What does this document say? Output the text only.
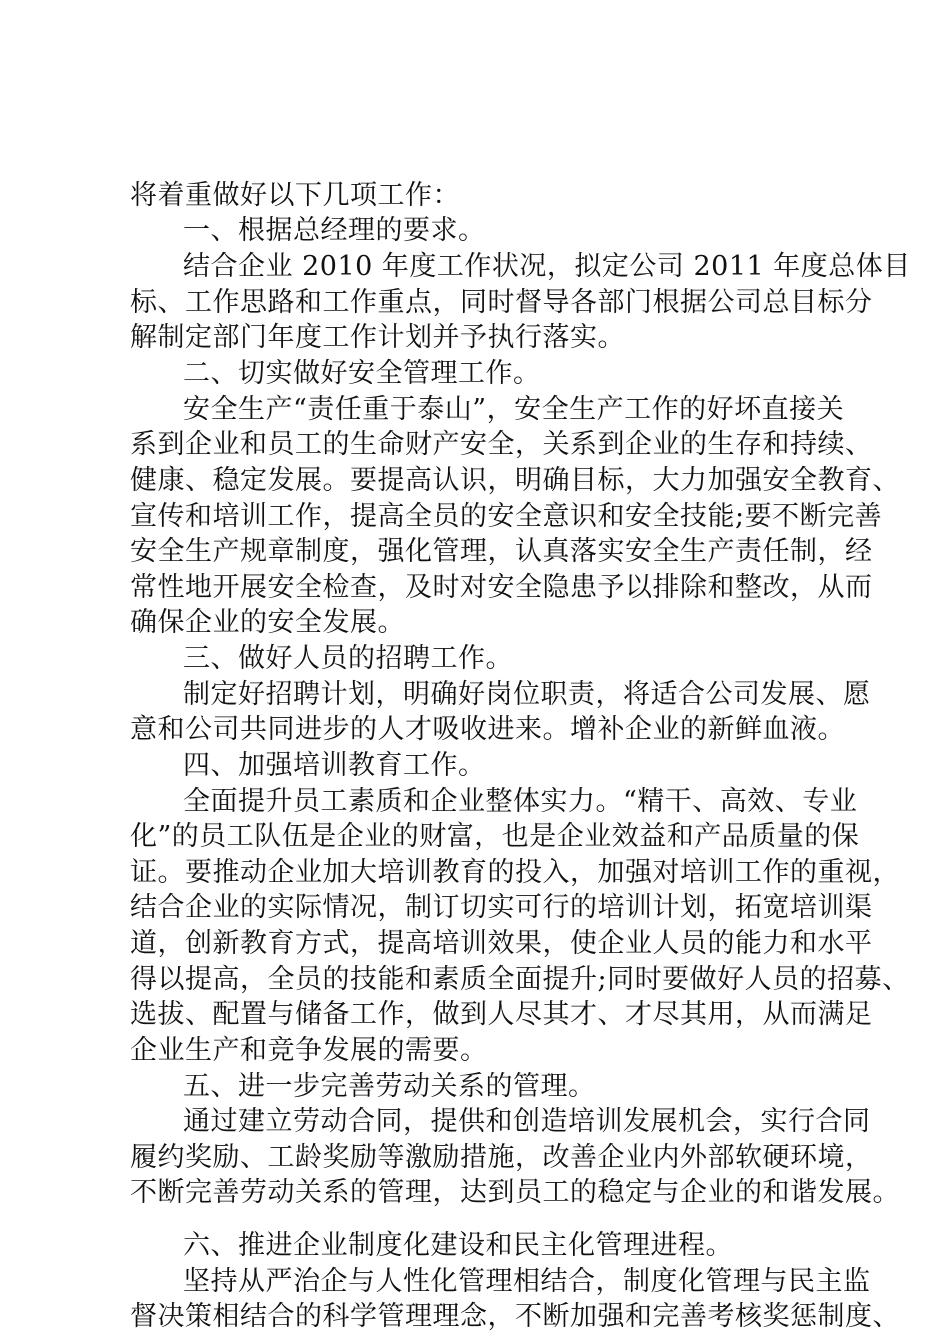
将着重做好以下几项工作：
一、根据总经理的要求。
结合企业 2010 年度工作状况，拟定公司 2011 年度总体目
标、工作思路和工作重点，同时督导各部门根据公司总目标分
解制定部门年度工作计划并予执行落实。
二、切实做好安全管理工作。
安全生产“责任重于泰山”，安全生产工作的好坏直接关
系到企业和员工的生命财产安全，关系到企业的生存和持续、
健康、稳定发展。要提高认识，明确目标，大力加强安全教育、
宣传和培训工作，提高全员的安全意识和安全技能;要不断完善
安全生产规章制度，强化管理，认真落实安全生产责任制，经
常性地开展安全检查，及时对安全隐患予以排除和整改，从而
确保企业的安全发展。
三、做好人员的招聘工作。
制定好招聘计划，明确好岗位职责，将适合公司发展、愿
意和公司共同进步的人才吸收进来。增补企业的新鲜血液。
四、加强培训教育工作。
全面提升员工素质和企业整体实力。“精干、高效、专业
化”的员工队伍是企业的财富，也是企业效益和产品质量的保
证。要推动企业加大培训教育的投入，加强对培训工作的重视，
结合企业的实际情况，制订切实可行的培训计划，拓宽培训渠
道，创新教育方式，提高培训效果，使企业人员的能力和水平
得以提高，全员的技能和素质全面提升;同时要做好人员的招募、
选拔、配置与储备工作，做到人尽其才、才尽其用，从而满足
企业生产和竞争发展的需要。
五、进一步完善劳动关系的管理。
通过建立劳动合同，提供和创造培训发展机会，实行合同
履约奖励、工龄奖励等激励措施，改善企业内外部软硬环境，
不断完善劳动关系的管理，达到员工的稳定与企业的和谐发展。
六、推进企业制度化建设和民主化管理进程。
坚持从严治企与人性化管理相结合，制度化管理与民主监
督决策相结合的科学管理理念，不断加强和完善考核奖惩制度、
